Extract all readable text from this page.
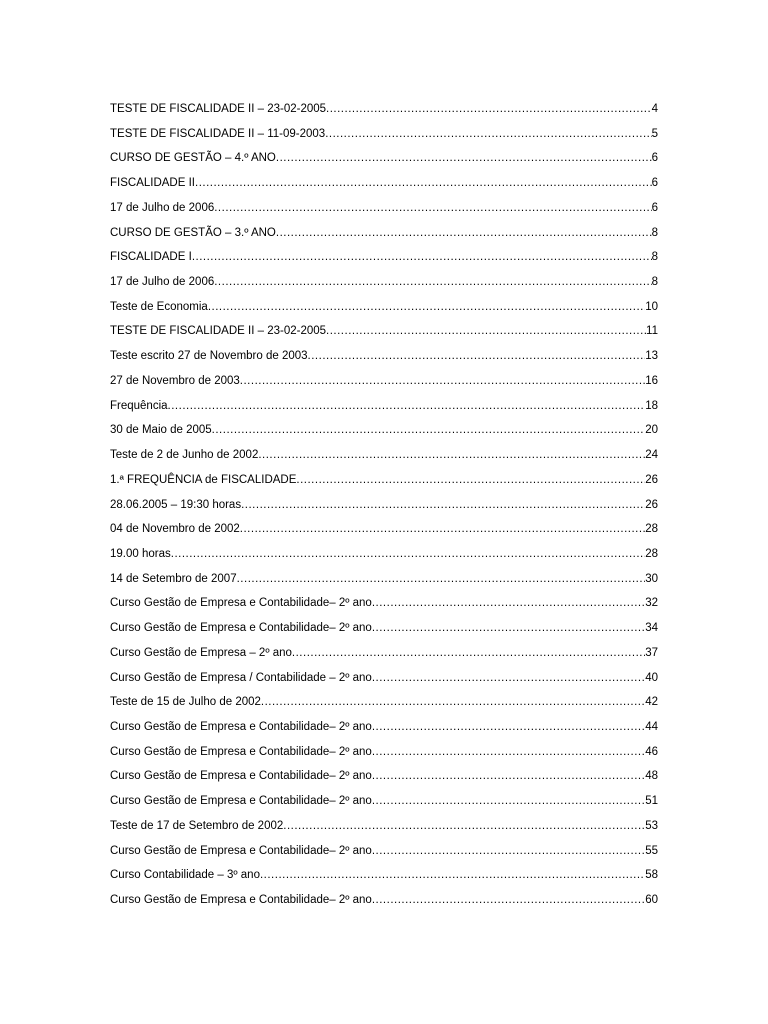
TESTE DE FISCALIDADE II – 23-02-2005 .....	4
TESTE DE FISCALIDADE II – 11-09-2003 .....	5
CURSO DE GESTÃO – 4.º ANO .....	6
FISCALIDADE II .....	6
17 de Julho de 2006 .....	6
CURSO DE GESTÃO – 3.º ANO .....	8
FISCALIDADE I .....	8
17 de Julho de 2006 .....	8
Teste de Economia .....	10
TESTE DE FISCALIDADE II – 23-02-2005 .....	11
Teste escrito 27 de Novembro de 2003 .....	13
27 de Novembro de 2003 .....	16
Frequência .....	18
30 de Maio de 2005 .....	20
Teste de 2 de Junho de 2002 .....	24
1.ª FREQUÊNCIA de FISCALIDADE .....	26
28.06.2005 – 19:30 horas .....	26
04 de Novembro de 2002 .....	28
19.00 horas .....	28
14 de Setembro de 2007 .....	30
Curso Gestão de Empresa e Contabilidade– 2º ano .....	32
Curso Gestão de Empresa e Contabilidade– 2º ano .....	34
Curso Gestão de Empresa – 2º ano .....	37
Curso Gestão de Empresa / Contabilidade – 2º ano .....	40
Teste de 15 de Julho de 2002 .....	42
Curso Gestão de Empresa e Contabilidade– 2º ano .....	44
Curso Gestão de Empresa e Contabilidade– 2º ano .....	46
Curso Gestão de Empresa e Contabilidade– 2º ano .....	48
Curso Gestão de Empresa e Contabilidade– 2º ano .....	51
Teste de 17 de Setembro de 2002 .....	53
Curso Gestão de Empresa e Contabilidade– 2º ano .....	55
Curso Contabilidade – 3º ano .....	58
Curso Gestão de Empresa e Contabilidade– 2º ano .....	60
